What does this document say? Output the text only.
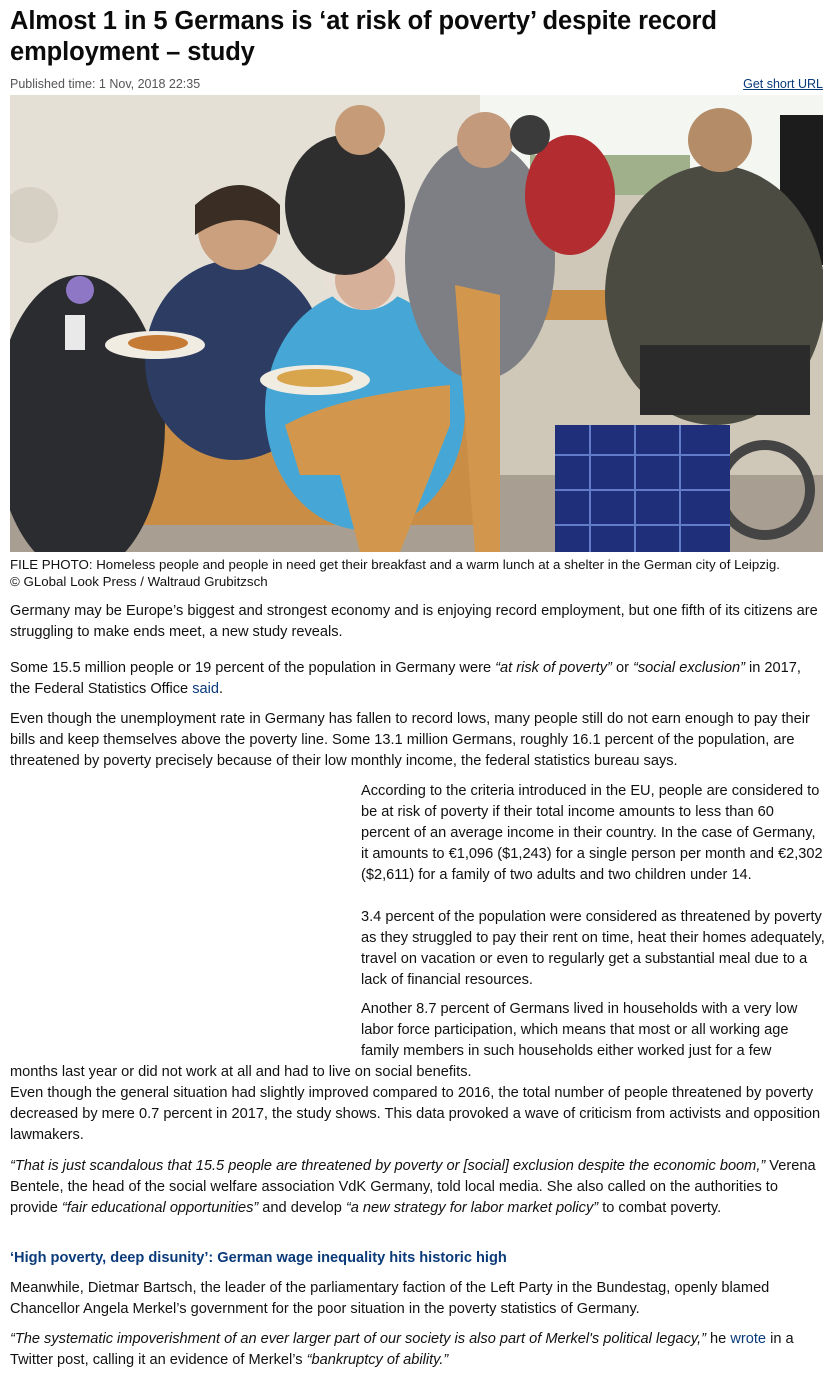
Almost 1 in 5 Germans is ‘at risk of poverty’ despite record employment – study
Published time: 1 Nov, 2018 22:35	Get short URL
FILE PHOTO: Homeless people and people in need get their breakfast and a warm lunch at a shelter in the German city of Leipzig.
© GLobal Look Press / Waltraud Grubitzsch

Germany may be Europe’s biggest and strongest economy and is enjoying record employment, but one fifth of its citizens are struggling to make ends meet, a new study reveals.

Some 15.5 million people or 19 percent of the population in Germany were “at risk of poverty” or “social exclusion” in 2017, the Federal Statistics Office said.

Even though the unemployment rate in Germany has fallen to record lows, many people still do not earn enough to pay their bills and keep themselves above the poverty line. Some 13.1 million Germans, roughly 16.1 percent of the population, are threatened by poverty precisely because of their low monthly income, the federal statistics bureau says.

According to the criteria introduced in the EU, people are considered to be at risk of poverty if their total income amounts to less than 60 percent of an average income in their country. In the case of Germany, it amounts to €1,096 ($1,243) for a single person per month and €2,302 ($2,611) for a family of two adults and two children under 14.

3.4 percent of the population were considered as threatened by poverty as they struggled to pay their rent on time, heat their homes adequately, travel on vacation or even to regularly get a substantial meal due to a lack of financial resources.

Another 8.7 percent of Germans lived in households with a very low labor force participation, which means that most or all working age family members in such households either worked just for a few

months last year or did not work at all and had to live on social benefits.

Even though the general situation had slightly improved compared to 2016, the total number of people threatened by poverty decreased by mere 0.7 percent in 2017, the study shows. This data provoked a wave of criticism from activists and opposition lawmakers.

“That is just scandalous that 15.5 people are threatened by poverty or [social] exclusion despite the economic boom,” Verena Bentele, the head of the social welfare association VdK Germany, told local media. She also called on the authorities to provide “fair educational opportunities” and develop “a new strategy for labor market policy” to combat poverty.

‘High poverty, deep disunity’: German wage inequality hits historic high

Meanwhile, Dietmar Bartsch, the leader of the parliamentary faction of the Left Party in the Bundestag, openly blamed Chancellor Angela Merkel’s government for the poor situation in the poverty statistics of Germany.

“The systematic impoverishment of an ever larger part of our society is also part of Merkel's political legacy,” he wrote in a Twitter post, calling it an evidence of Merkel’s “bankruptcy of ability.”
